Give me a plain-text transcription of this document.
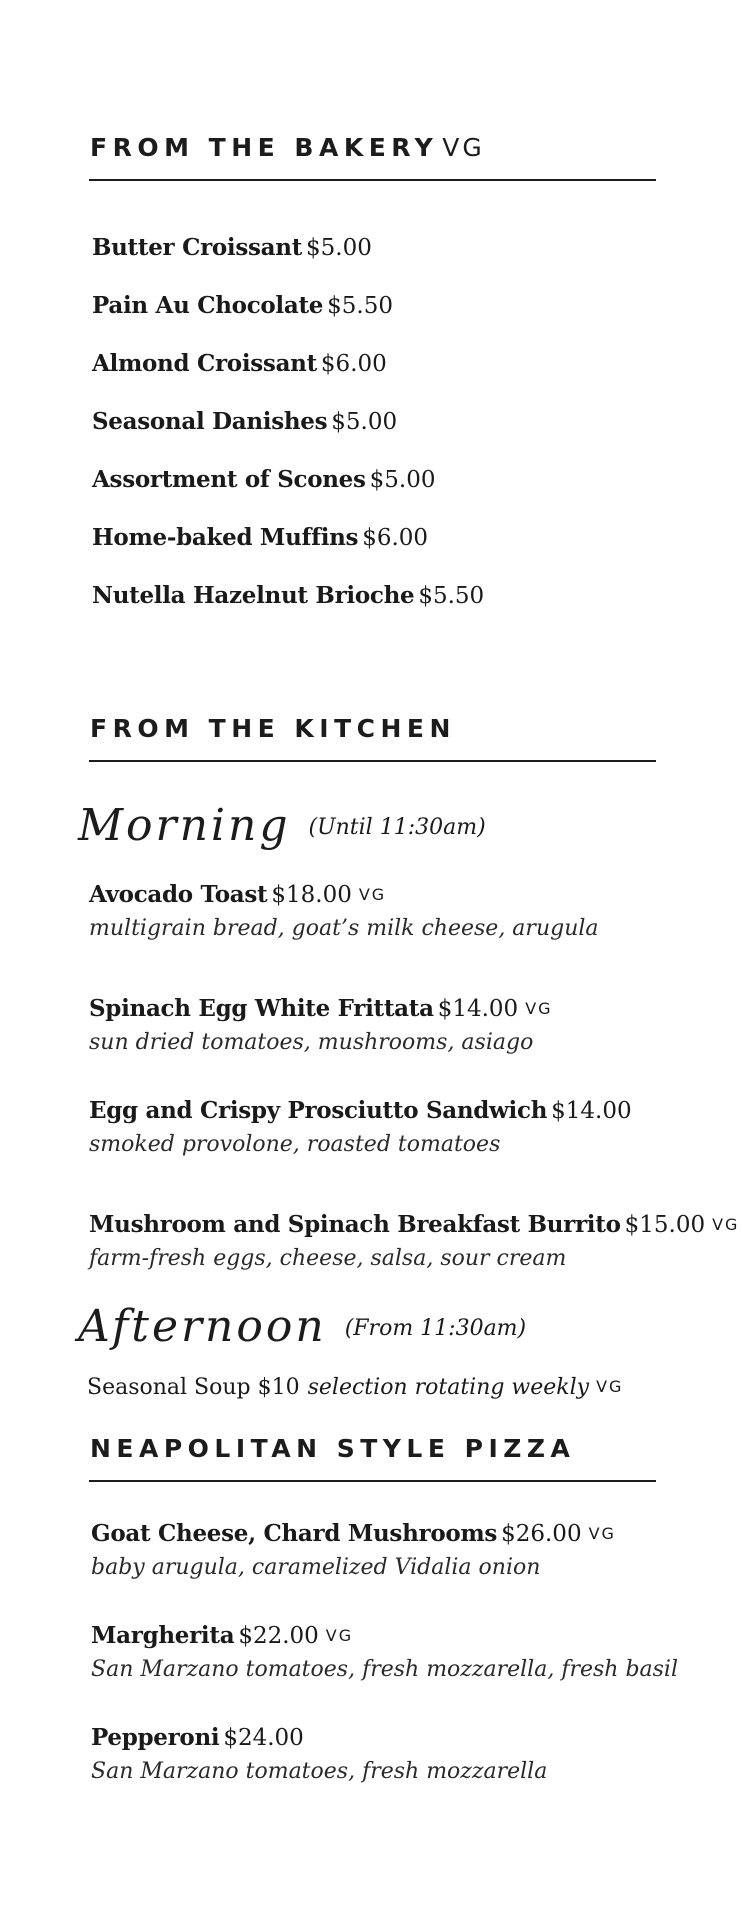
FROM THE BAKERY VG
Butter Croissant $5.00
Pain Au Chocolate $5.50
Almond Croissant $6.00
Seasonal Danishes $5.00
Assortment of Scones $5.00
Home-baked Muffins $6.00
Nutella Hazelnut Brioche $5.50
FROM THE KITCHEN
Morning (Until 11:30am)
Avocado Toast $18.00 VG
multigrain bread, goat’s milk cheese, arugula
Spinach Egg White Frittata $14.00 VG
sun dried tomatoes, mushrooms, asiago
Egg and Crispy Prosciutto Sandwich $14.00
smoked provolone, roasted tomatoes
Mushroom and Spinach Breakfast Burrito $15.00 VG
farm-fresh eggs, cheese, salsa, sour cream
Afternoon (From 11:30am)
Seasonal Soup $10 selection rotating weekly VG
NEAPOLITAN STYLE PIZZA
Goat Cheese, Chard Mushrooms $26.00 VG
baby arugula, caramelized Vidalia onion
Margherita $22.00 VG
San Marzano tomatoes, fresh mozzarella, fresh basil
Pepperoni $24.00
San Marzano tomatoes, fresh mozzarella
